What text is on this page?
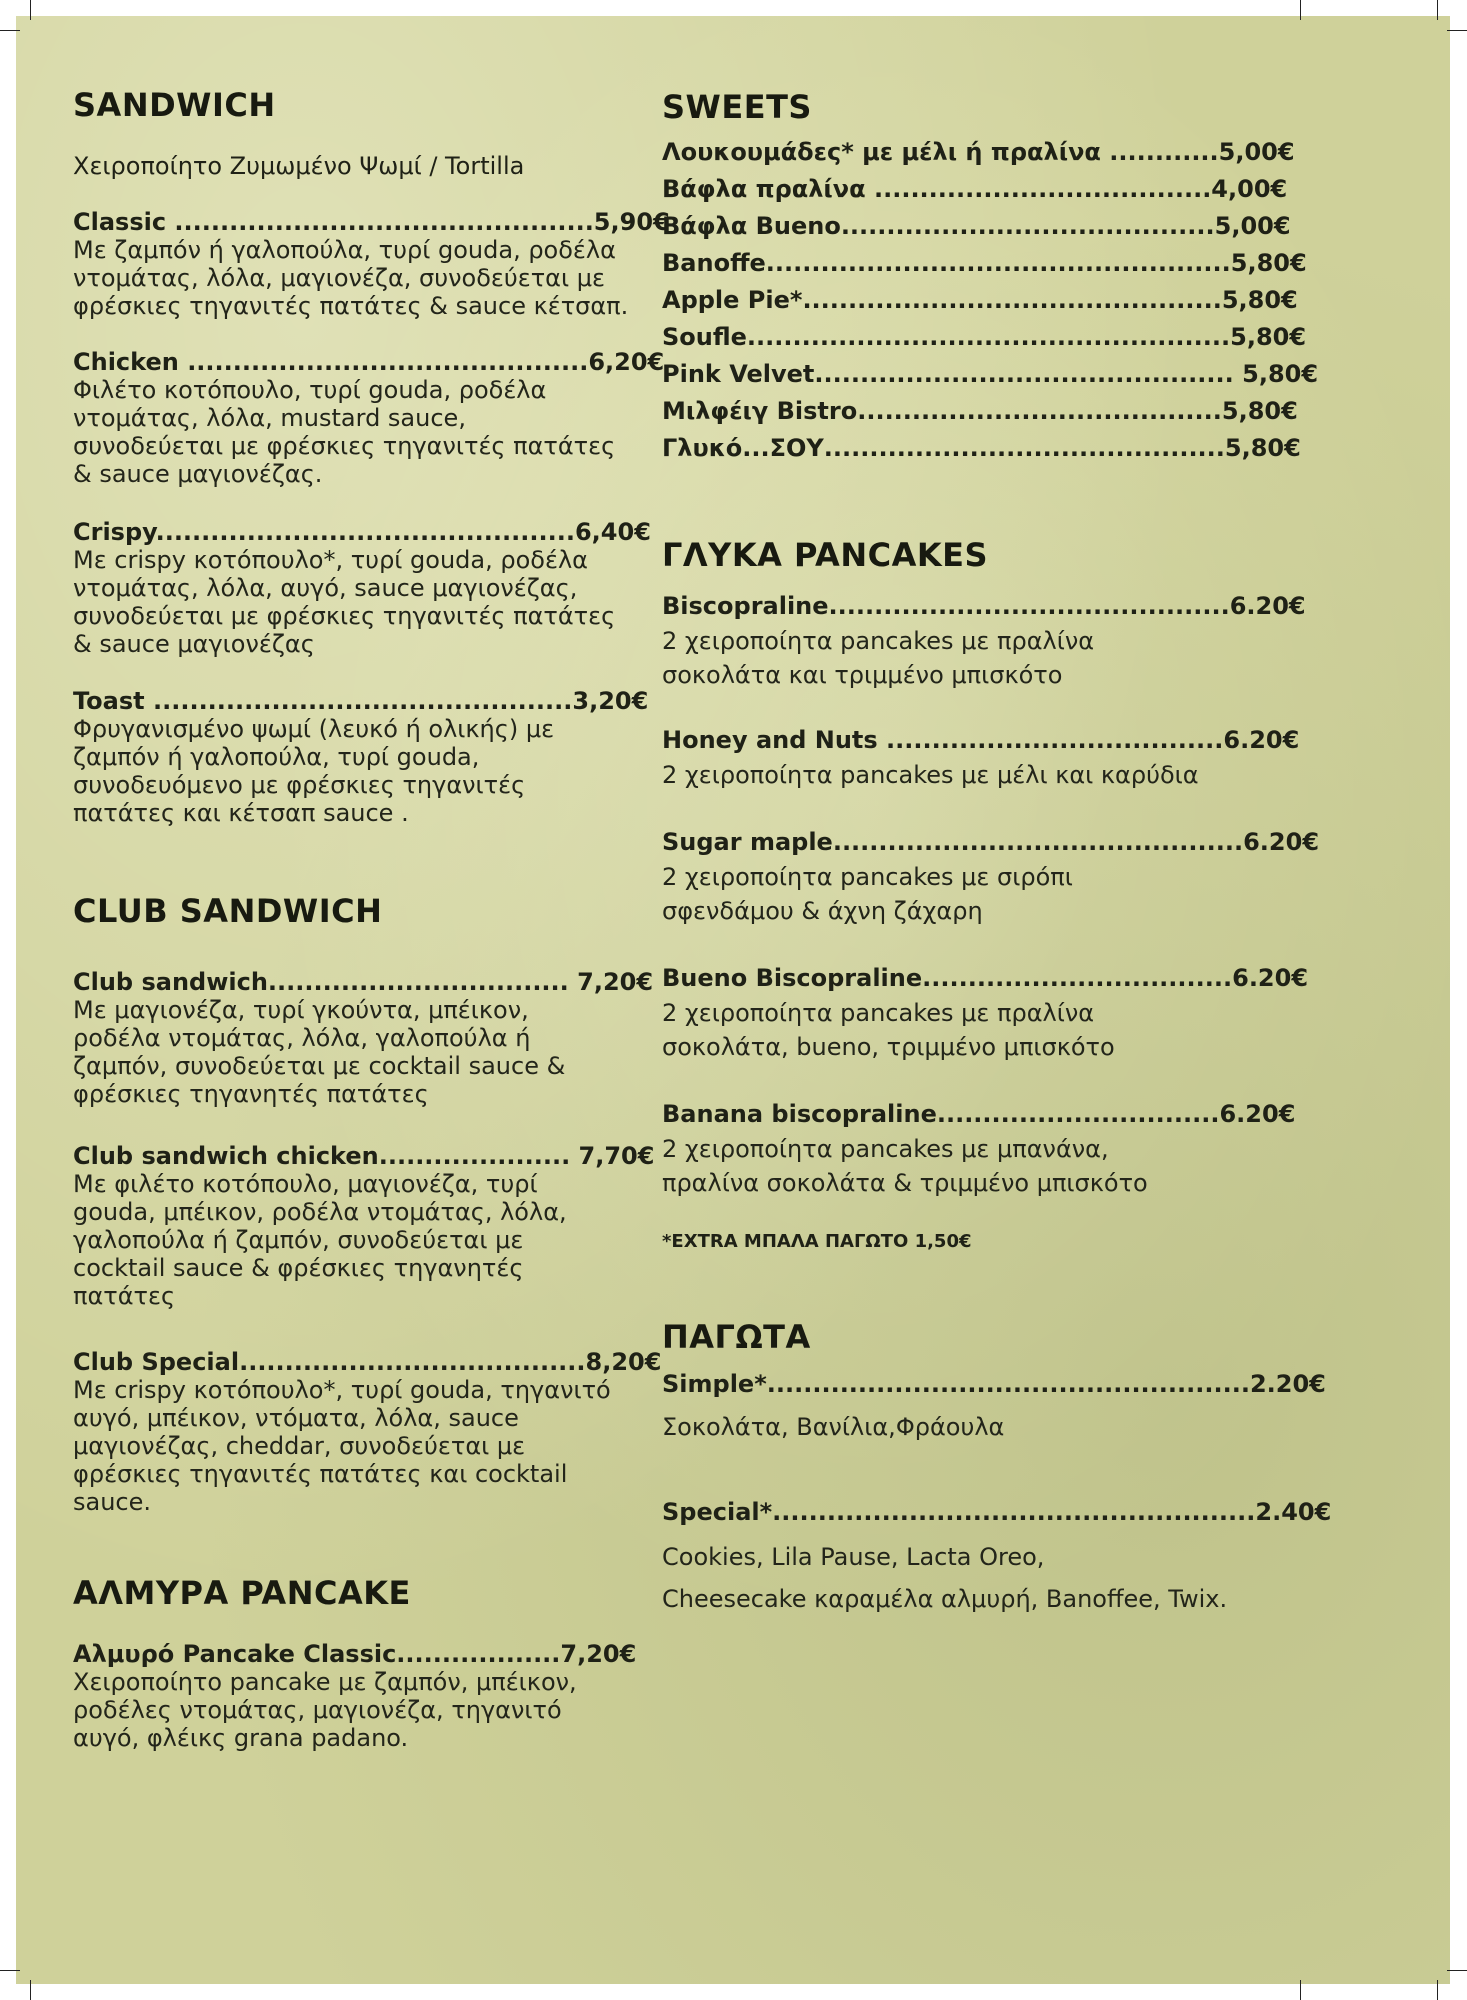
SANDWICH
Χειροποίητο Ζυμωμένο Ψωμί / Tortilla
Classic ..............................................5,90€
Με ζαμπόν ή γαλοπούλα, τυρί gouda, ροδέλα
ντομάτας, λόλα, μαγιονέζα, συνοδεύεται με
φρέσκιες τηγανιτές πατάτες & sauce κέτσαπ.
Chicken ............................................6,20€
Φιλέτο κοτόπουλο, τυρί gouda, ροδέλα
ντομάτας, λόλα, mustard sauce,
συνοδεύεται με φρέσκιες τηγανιτές πατάτες
& sauce μαγιονέζας.
Crispy..............................................6,40€
Με crispy κοτόπουλο*, τυρί gouda, ροδέλα
ντομάτας, λόλα, αυγό, sauce μαγιονέζας,
συνοδεύεται με φρέσκιες τηγανιτές πατάτες
& sauce μαγιονέζας
Toast ..............................................3,20€
Φρυγανισμένο ψωμί (λευκό ή ολικής) με
ζαμπόν ή γαλοπούλα, τυρί gouda,
συνοδευόμενο με φρέσκιες τηγανιτές
πατάτες και κέτσαπ sauce .
CLUB SANDWICH
Club sandwich................................. 7,20€
Με μαγιονέζα, τυρί γκούντα, μπέικον,
ροδέλα ντομάτας, λόλα, γαλοπούλα ή
ζαμπόν, συνοδεύεται με cocktail sauce &
φρέσκιες τηγανητές πατάτες
Club sandwich chicken..................... 7,70€
Με φιλέτο κοτόπουλο, μαγιονέζα, τυρί
gouda, μπέικον, ροδέλα ντομάτας, λόλα,
γαλοπούλα ή ζαμπόν, συνοδεύεται με
cocktail sauce & φρέσκιες τηγανητές
πατάτες
Club Special......................................8,20€
Με crispy κοτόπουλο*, τυρί gouda, τηγανιτό
αυγό, μπέικον, ντόματα, λόλα, sauce
μαγιονέζας, cheddar, συνοδεύεται με
φρέσκιες τηγανιτές πατάτες και cocktail
sauce.
ΑΛΜΥΡΑ PANCAKE
Αλμυρό Pancake Classic..................7,20€
Χειροποίητο pancake με ζαμπόν, μπέικον,
ροδέλες ντομάτας, μαγιονέζα, τηγανιτό
αυγό, φλέικς grana padano.
SWEETS
Λουκουμάδες* με μέλι ή πραλίνα ............5,00€
Βάφλα πραλίνα .....................................4,00€
Βάφλα Bueno.........................................5,00€
Banoffe...................................................5,80€
Apple Pie*..............................................5,80€
Soufle.....................................................5,80€
Pink Velvet.............................................. 5,80€
Μιλφέιγ Bistro........................................5,80€
Γλυκό...ΣΟΥ............................................5,80€
ΓΛΥΚΑ PANCAKES
Biscopraline............................................6.20€
2 χειροποίητα pancakes με πραλίνα
σοκολάτα και τριμμένο μπισκότο
Honey and Nuts .....................................6.20€
2 χειροποίητα pancakes με μέλι και καρύδια
Sugar maple.............................................6.20€
2 χειροποίητα pancakes με σιρόπι
σφενδάμου & άχνη ζάχαρη
Bueno Biscopraline..................................6.20€
2 χειροποίητα pancakes με πραλίνα
σοκολάτα, bueno, τριμμένο μπισκότο
Banana biscopraline...............................6.20€
2 χειροποίητα pancakes με μπανάνα,
πραλίνα σοκολάτα & τριμμένο μπισκότο
*EXTRA ΜΠΑΛΑ ΠΑΓΩΤΟ 1,50€
ΠΑΓΩΤΑ
Simple*.....................................................2.20€
Σοκολάτα, Βανίλια,Φράουλα
Special*.....................................................2.40€
Cookies, Lila Pause, Lacta Oreo,
Cheesecake καραμέλα αλμυρή, Banoffee, Twix.
